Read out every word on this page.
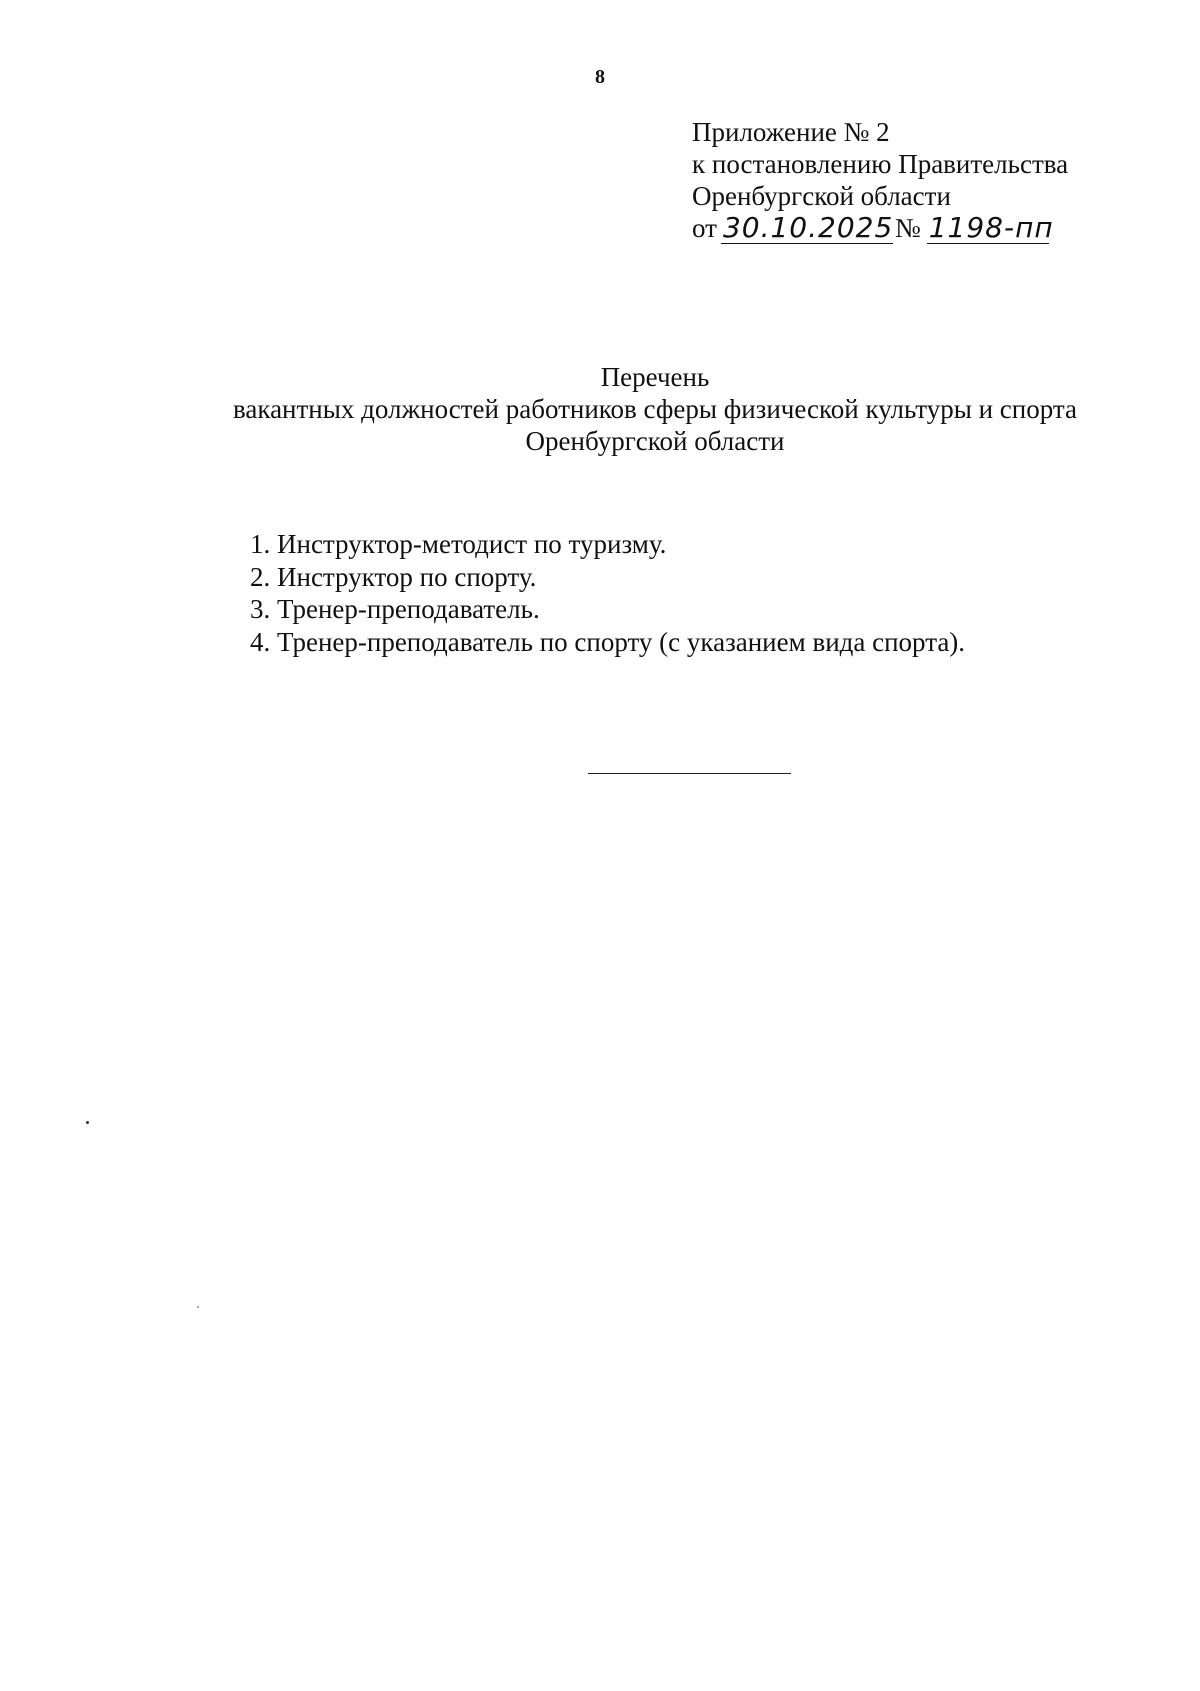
8
Приложение № 2
к постановлению Правительства
Оренбургской области
от 30.10.2025№ 1198-пп
Перечень
вакантных должностей работников сферы физической культуры и спорта
Оренбургской области
1. Инструктор-методист по туризму.
2. Инструктор по спорту.
3. Тренер-преподаватель.
4. Тренер-преподаватель по спорту (с указанием вида спорта).
